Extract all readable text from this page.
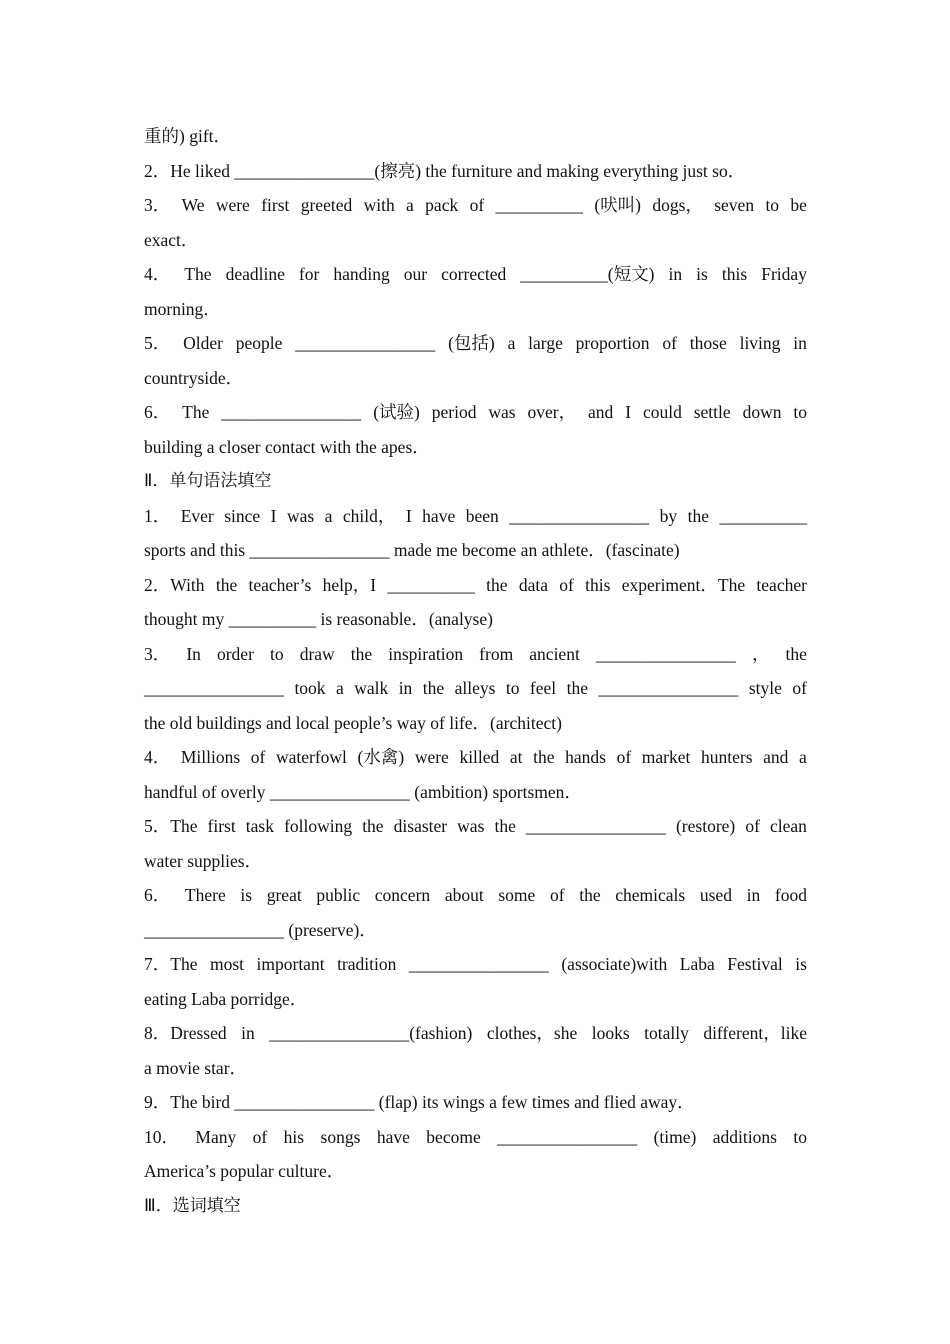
重的) gift．
2．He liked ________________(擦亮) the furniture and making everything just so．
3． We were first greeted with a pack of __________ (吠叫) dogs， seven to be
exact．
4． The deadline for handing our corrected __________(短文) in is this Friday
morning．
5． Older people ________________ (包括) a large proportion of those living in
countryside．
6． The ________________ (试验) period was over， and I could settle down to
building a closer contact with the apes．
Ⅱ．单句语法填空
1． Ever since I was a child， I have been ________________ by the __________
sports and this ________________ made me become an athlete．(fascinate)
2．With the teacher’s help，I __________ the data of this experiment．The teacher
thought my __________ is reasonable．(analyse)
3． In order to draw the inspiration from ancient ________________ ， the
________________ took a walk in the alleys to feel the ________________ style of
the old buildings and local people’s way of life．(architect)
4． Millions of waterfowl (水禽) were killed at the hands of market hunters and a
handful of overly ________________ (ambition) sportsmen．
5．The first task following the disaster was the ________________ (restore) of clean
water supplies．
6． There is great public concern about some of the chemicals used in food
________________ (preserve)．
7．The most important tradition ________________ (associate)with Laba Festival is
eating Laba porridge．
8．Dressed in ________________(fashion) clothes，she looks totally different，like
a movie star．
9．The bird ________________ (flap) its wings a few times and flied away．
10． Many of his songs have become ________________ (time) additions to
America’s popular culture．
Ⅲ．选词填空
